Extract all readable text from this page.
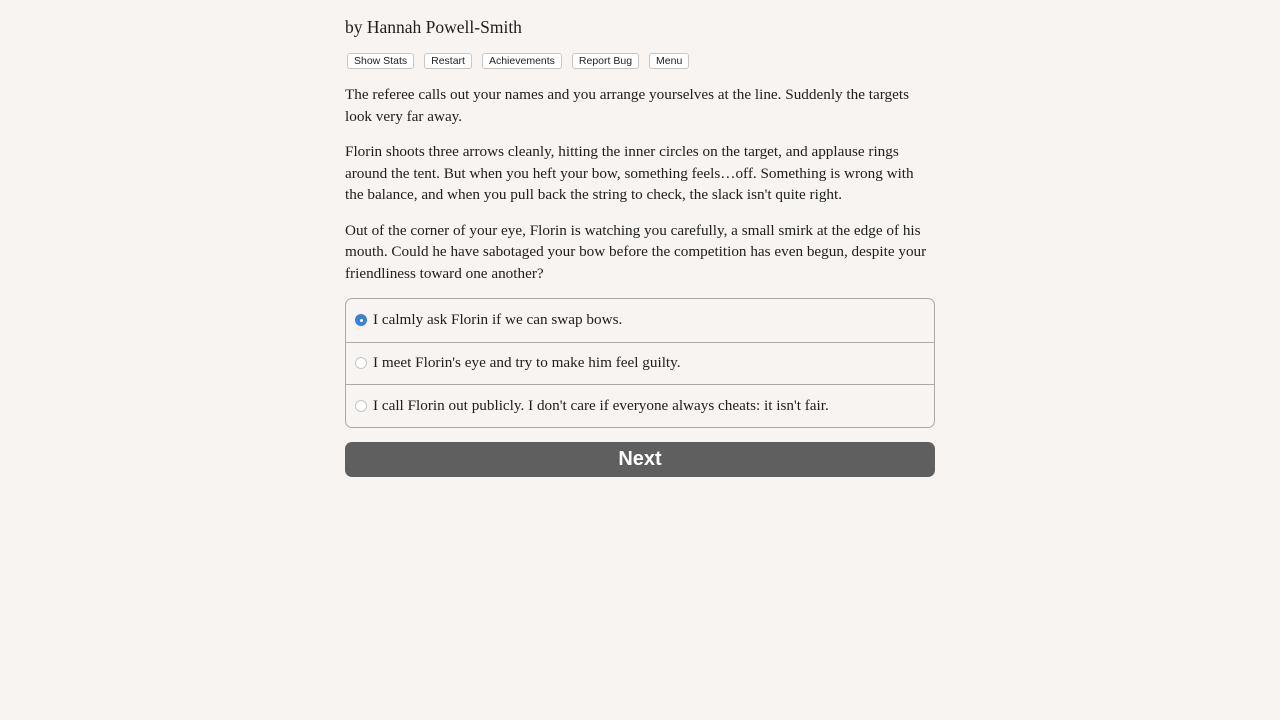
by Hannah Powell-Smith
Show Stats	Restart	Achievements	Report Bug	Menu

The referee calls out your names and you arrange yourselves at the line. Suddenly the targets look very far away.

Florin shoots three arrows cleanly, hitting the inner circles on the target, and applause rings around the tent. But when you heft your bow, something feels…off. Something is wrong with the balance, and when you pull back the string to check, the slack isn't quite right.

Out of the corner of your eye, Florin is watching you carefully, a small smirk at the edge of his mouth. Could he have sabotaged your bow before the competition has even begun, despite your friendliness toward one another?

I calmly ask Florin if we can swap bows.
I meet Florin's eye and try to make him feel guilty.
I call Florin out publicly. I don't care if everyone always cheats: it isn't fair.
Next
